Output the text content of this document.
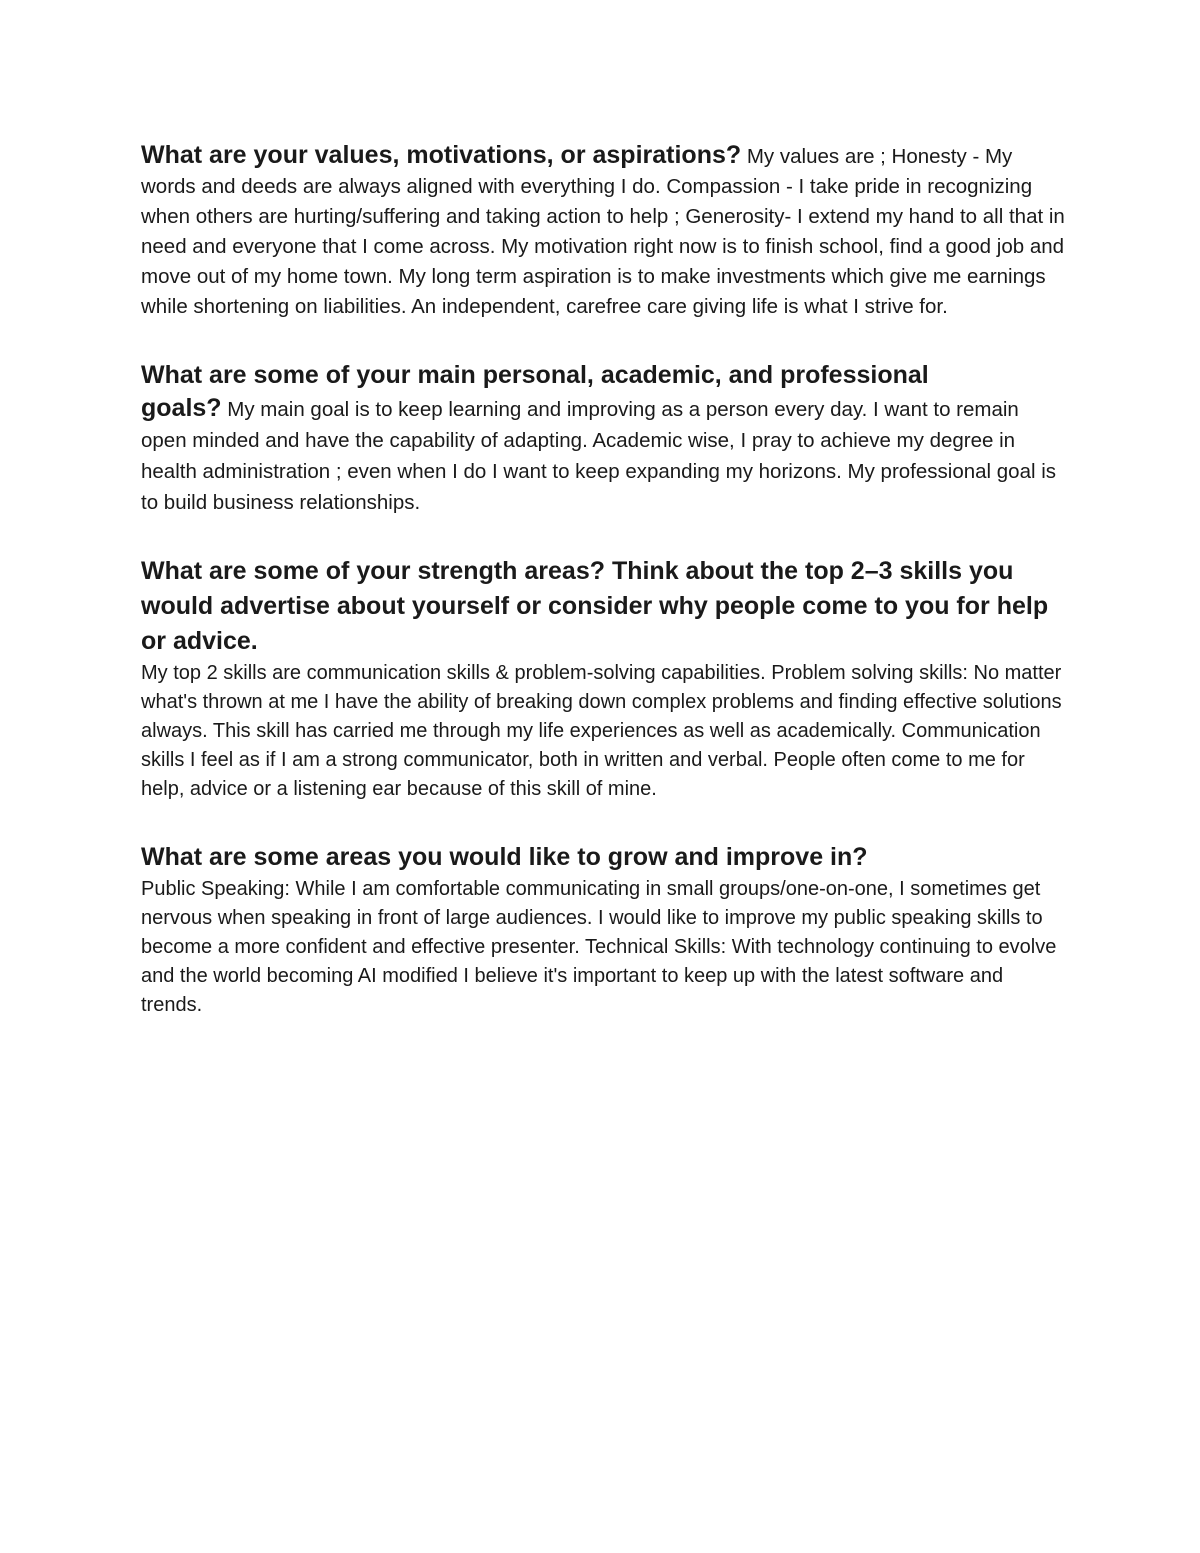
What are your values, motivations, or aspirations? My values are ; Honesty - My words and deeds are always aligned with everything I do. Compassion - I take pride in recognizing when others are hurting/suffering and taking action to help ; Generosity- I extend my hand to all that in need and everyone that I come across. My motivation right now is to finish school, find a good job and move out of my home town. My long term aspiration is to make investments which give me earnings while shortening on liabilities. An independent, carefree care giving life is what I strive for.

What are some of your main personal, academic, and professional

goals? My main goal is to keep learning and improving as a person every day. I want to remain open minded and have the capability of adapting. Academic wise, I pray to achieve my degree in health administration ; even when I do I want to keep expanding my horizons. My professional goal is to build business relationships.

What are some of your strength areas? Think about the top 2–3 skills you would advertise about yourself or consider why people come to you for help or advice.

My top 2 skills are communication skills & problem-solving capabilities. Problem solving skills: No matter what's thrown at me I have the ability of breaking down complex problems and finding effective solutions always. This skill has carried me through my life experiences as well as academically. Communication skills I feel as if I am a strong communicator, both in written and verbal. People often come to me for help, advice or a listening ear because of this skill of mine.

What are some areas you would like to grow and improve in?

Public Speaking: While I am comfortable communicating in small groups/one-on-one, I sometimes get nervous when speaking in front of large audiences. I would like to improve my public speaking skills to become a more confident and effective presenter. Technical Skills: With technology continuing to evolve and the world becoming AI modified I believe it's important to keep up with the latest software and trends.
